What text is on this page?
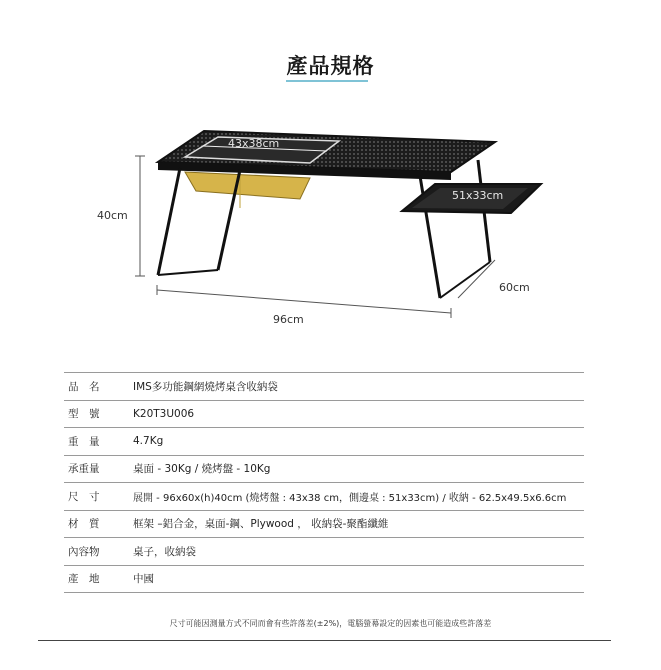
產品規格
40cm
96cm
60cm
43x38cm
51x33cm
品　名	IMS多功能鋼網燒烤桌含收納袋
型　號	K20T3U006
重　量	4.7Kg
承重量	桌面 - 30Kg / 燒烤盤 - 10Kg
尺　寸	展開 - 96x60x(h)40cm (燒烤盤 : 43x38 cm，側邊桌 : 51x33cm) / 收納 - 62.5x49.5x6.6cm
材　質	框架 –鋁合金，桌面-鋼、Plywood ， 收納袋-聚酯纖維
內容物	桌子，收納袋
產　地	中國
尺寸可能因測量方式不同而會有些許落差(±2%)，電腦螢幕設定的因素也可能造成些許落差
